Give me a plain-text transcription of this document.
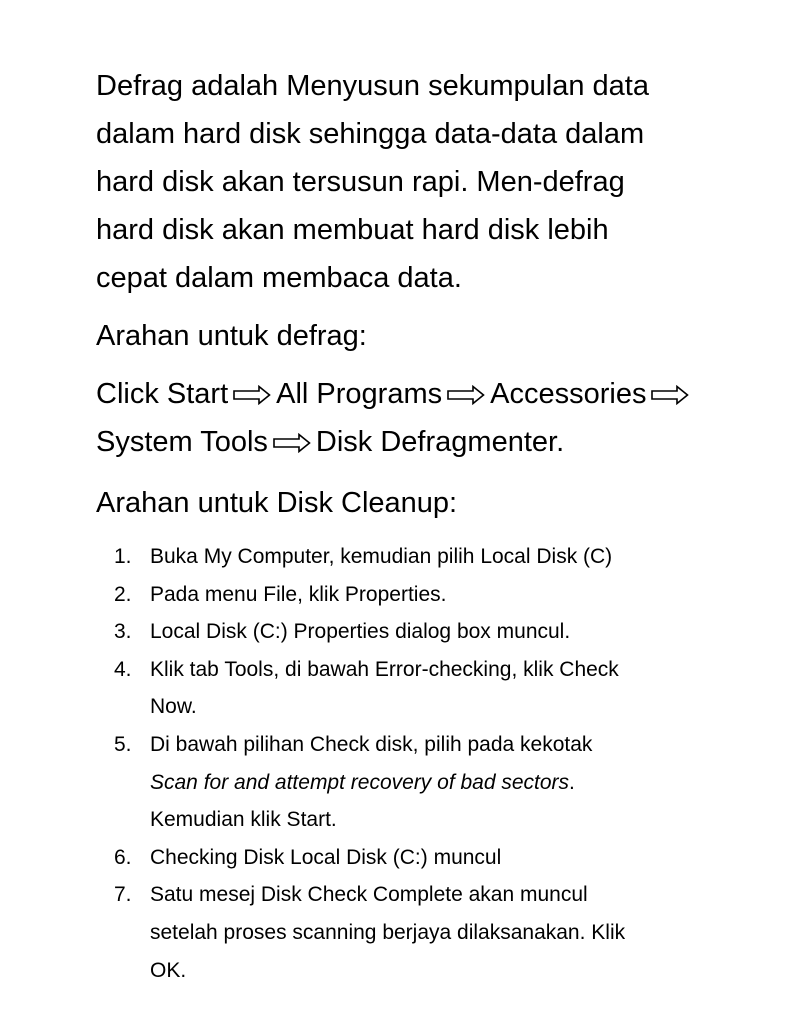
Defrag adalah Menyusun sekumpulan data
dalam hard disk sehingga data-data dalam
hard disk akan tersusun rapi. Men-defrag
hard disk akan membuat hard disk lebih
cepat dalam membaca data.
Arahan untuk defrag:
Click Start All Programs Accessories
System Tools Disk Defragmenter.
Arahan untuk Disk Cleanup:
1. Buka My Computer, kemudian pilih Local Disk (C)
2. Pada menu File, klik Properties.
3. Local Disk (C:) Properties dialog box muncul.
4. Klik tab Tools, di bawah Error-checking, klik Check
Now.
5. Di bawah pilihan Check disk, pilih pada kekotak
Scan for and attempt recovery of bad sectors.
Kemudian klik Start.
6. Checking Disk Local Disk (C:) muncul
7. Satu mesej Disk Check Complete akan muncul
setelah proses scanning berjaya dilaksanakan. Klik
OK.
